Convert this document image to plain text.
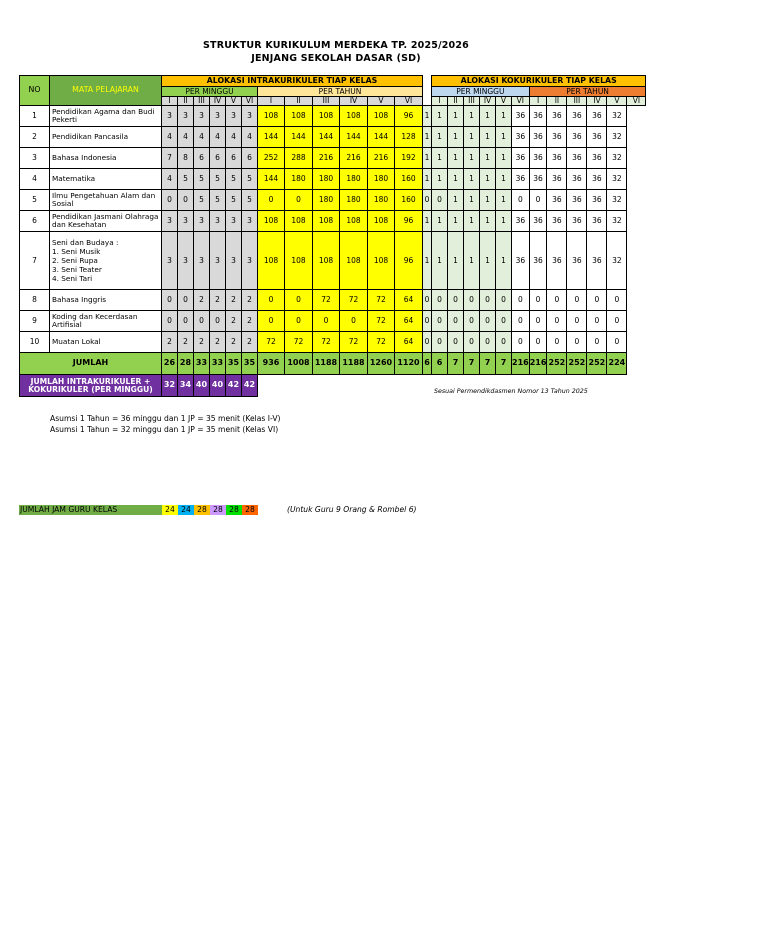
STRUKTUR KURIKULUM MERDEKA TP. 2025/2026
JENJANG SEKOLAH DASAR (SD)
NO	MATA PELAJARAN	ALOKASI INTRAKURIKULER TIAP KELAS													ALOKASI KOKURIKULER TIAP KELAS											
		PER MINGGU						PER TAHUN							PER MINGGU						PER TAHUN					
		I	II	III	IV	V	VI	I	II	III	IV	V	VI		I	II	III	IV	V	VI	I	II	III	IV	V	VI
1	Pendidikan Agama dan Budi Pekerti	3	3	3	3	3	3	108	108	108	108	108	96	1	1	1	1	1	1	36	36	36	36	36	32	
2	Pendidikan Pancasila	4	4	4	4	4	4	144	144	144	144	144	128	1	1	1	1	1	1	36	36	36	36	36	32	
3	Bahasa Indonesia	7	8	6	6	6	6	252	288	216	216	216	192	1	1	1	1	1	1	36	36	36	36	36	32	
4	Matematika	4	5	5	5	5	5	144	180	180	180	180	160	1	1	1	1	1	1	36	36	36	36	36	32	
5	Ilmu Pengetahuan Alam dan Sosial	0	0	5	5	5	5	0	0	180	180	180	160	0	0	1	1	1	1	0	0	36	36	36	32	
6	Pendidikan Jasmani Olahraga dan Kesehatan	3	3	3	3	3	3	108	108	108	108	108	96	1	1	1	1	1	1	36	36	36	36	36	32	
7	Seni dan Budaya :
1. Seni Musik
2. Seni Rupa
3. Seni Teater
4. Seni Tari	3	3	3	3	3	3	108	108	108	108	108	96	1	1	1	1	1	1	36	36	36	36	36	32	
8	Bahasa Inggris	0	0	2	2	2	2	0	0	72	72	72	64	0	0	0	0	0	0	0	0	0	0	0	0	
9	Koding dan Kecerdasan Artifisial	0	0	0	0	2	2	0	0	0	0	72	64	0	0	0	0	0	0	0	0	0	0	0	0	
10	Muatan Lokal	2	2	2	2	2	2	72	72	72	72	72	64	0	0	0	0	0	0	0	0	0	0	0	0	
JUMLAH		26	28	33	33	35	35	936	1008	1188	1188	1260	1120	6	6	7	7	7	7	216	216	252	252	252	224	
JUMLAH INTRAKURIKULER + KOKURIKULER (PER MINGGU)		32	34	40	40	42	42																			
Sesuai Permendikdasmen Nomor 13 Tahun 2025
Asumsi 1 Tahun = 36 minggu dan 1 JP = 35 menit (Kelas I-V)
Asumsi 1 Tahun = 32 minggu dan 1 JP = 35 menit (Kelas VI)
JUMLAH JAM GURU KELAS	24 24 28 28 28 28	(Untuk Guru 9 Orang & Rombel 6)
